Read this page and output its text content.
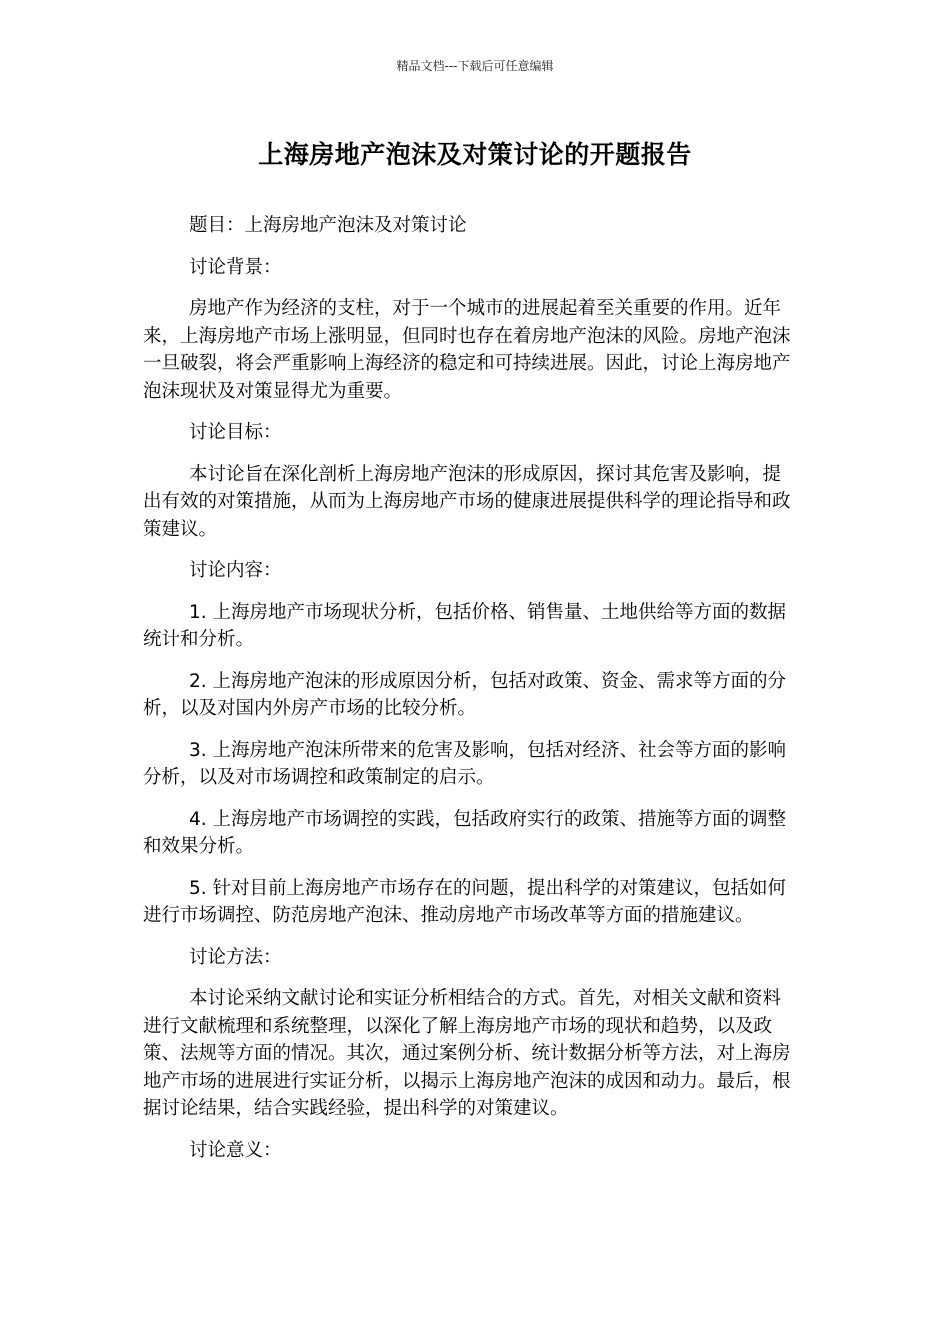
精品文档---下载后可任意编辑
上海房地产泡沫及对策讨论的开题报告

题目：上海房地产泡沫及对策讨论

讨论背景：

房地产作为经济的支柱，对于一个城市的进展起着至关重要的作用。近年来，上海房地产市场上涨明显，但同时也存在着房地产泡沫的风险。房地产泡沫一旦破裂，将会严重影响上海经济的稳定和可持续进展。因此，讨论上海房地产泡沫现状及对策显得尤为重要。

讨论目标：

本讨论旨在深化剖析上海房地产泡沫的形成原因，探讨其危害及影响，提出有效的对策措施，从而为上海房地产市场的健康进展提供科学的理论指导和政策建议。

讨论内容：

1. 上海房地产市场现状分析，包括价格、销售量、土地供给等方面的数据统计和分析。

2. 上海房地产泡沫的形成原因分析，包括对政策、资金、需求等方面的分析，以及对国内外房产市场的比较分析。

3. 上海房地产泡沫所带来的危害及影响，包括对经济、社会等方面的影响分析，以及对市场调控和政策制定的启示。

4. 上海房地产市场调控的实践，包括政府实行的政策、措施等方面的调整和效果分析。

5. 针对目前上海房地产市场存在的问题，提出科学的对策建议，包括如何进行市场调控、防范房地产泡沫、推动房地产市场改革等方面的措施建议。

讨论方法：

本讨论采纳文献讨论和实证分析相结合的方式。首先，对相关文献和资料进行文献梳理和系统整理，以深化了解上海房地产市场的现状和趋势，以及政策、法规等方面的情况。其次，通过案例分析、统计数据分析等方法，对上海房地产市场的进展进行实证分析，以揭示上海房地产泡沫的成因和动力。最后，根据讨论结果，结合实践经验，提出科学的对策建议。

讨论意义：
